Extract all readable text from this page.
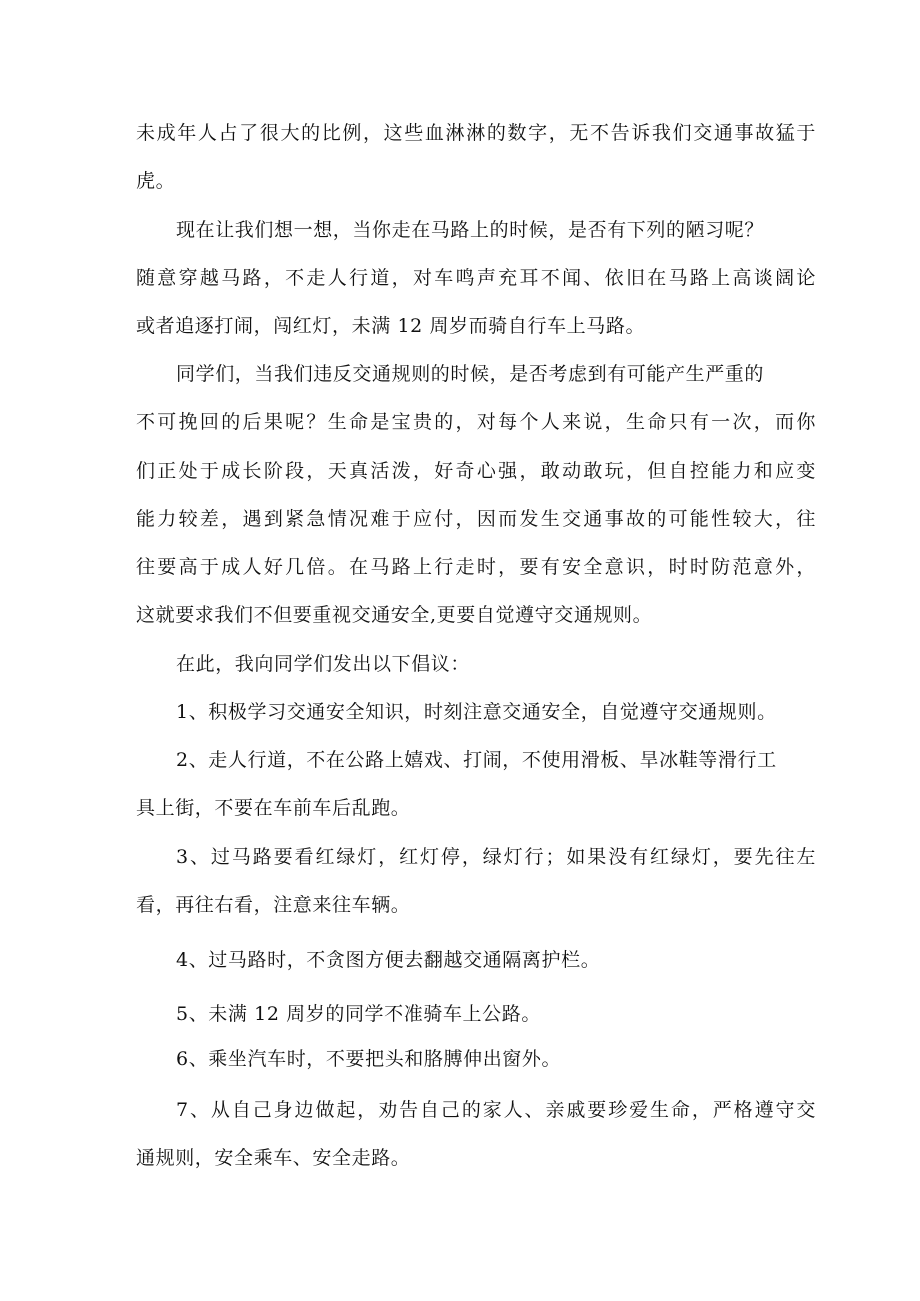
未成年人占了很大的比例，这些血淋淋的数字，无不告诉我们交通事故猛于
虎。
现在让我们想一想，当你走在马路上的时候，是否有下列的陋习呢？
随意穿越马路，不走人行道，对车鸣声充耳不闻、依旧在马路上高谈阔论
或者追逐打闹，闯红灯，未满 12 周岁而骑自行车上马路。
同学们，当我们违反交通规则的时候，是否考虑到有可能产生严重的
不可挽回的后果呢？生命是宝贵的，对每个人来说，生命只有一次，而你
们正处于成长阶段，天真活泼，好奇心强，敢动敢玩，但自控能力和应变
能力较差，遇到紧急情况难于应付，因而发生交通事故的可能性较大，往
往要高于成人好几倍。在马路上行走时，要有安全意识，时时防范意外，
这就要求我们不但要重视交通安全,更要自觉遵守交通规则。
在此，我向同学们发出以下倡议：
1、积极学习交通安全知识，时刻注意交通安全，自觉遵守交通规则。
2、走人行道，不在公路上嬉戏、打闹，不使用滑板、旱冰鞋等滑行工
具上街，不要在车前车后乱跑。
3、过马路要看红绿灯，红灯停，绿灯行；如果没有红绿灯，要先往左
看，再往右看，注意来往车辆。
4、过马路时，不贪图方便去翻越交通隔离护栏。
5、未满 12 周岁的同学不准骑车上公路。
6、乘坐汽车时，不要把头和胳膊伸出窗外。
7、从自己身边做起，劝告自己的家人、亲戚要珍爱生命，严格遵守交
通规则，安全乘车、安全走路。
